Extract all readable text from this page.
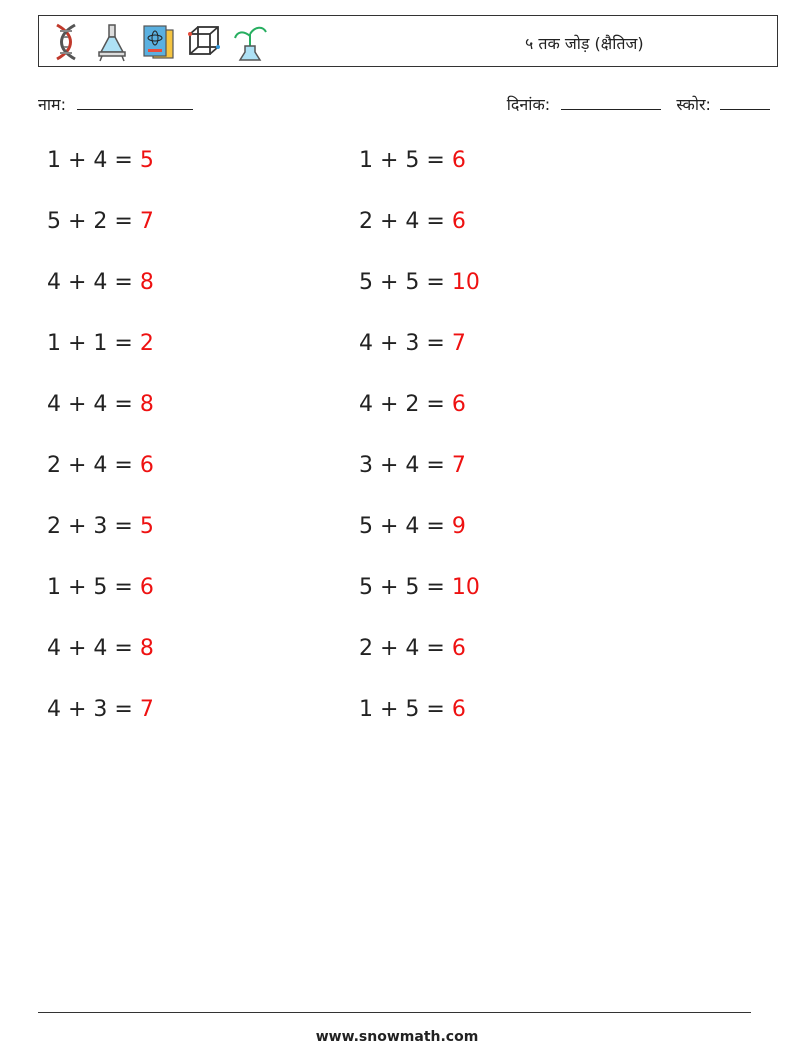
५ तक जोड़ (क्षैतिज)
नाम:	दिनांक:	स्कोर:
1 + 4 = 5
5 + 2 = 7
4 + 4 = 8
1 + 1 = 2
4 + 4 = 8
2 + 4 = 6
2 + 3 = 5
1 + 5 = 6
4 + 4 = 8
4 + 3 = 7
1 + 5 = 6
2 + 4 = 6
5 + 5 = 10
4 + 3 = 7
4 + 2 = 6
3 + 4 = 7
5 + 4 = 9
5 + 5 = 10
2 + 4 = 6
1 + 5 = 6
www.snowmath.com
